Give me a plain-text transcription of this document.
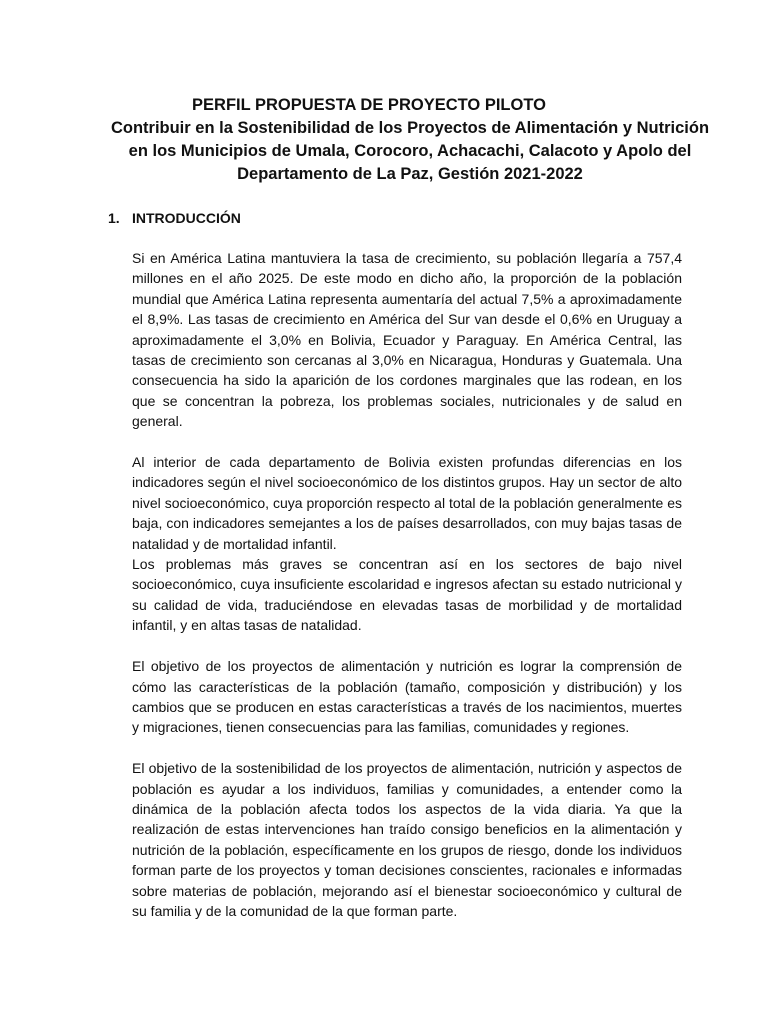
PERFIL PROPUESTA DE PROYECTO PILOTO
Contribuir en la Sostenibilidad de los Proyectos de Alimentación y Nutrición en los Municipios de Umala, Corocoro, Achacachi, Calacoto y Apolo del Departamento de La Paz, Gestión 2021-2022
1. INTRODUCCIÓN

Si en América Latina mantuviera la tasa de crecimiento, su población llegaría a 757,4 millones en el año 2025. De este modo en dicho año, la proporción de la población mundial que América Latina representa aumentaría del actual 7,5% a aproximadamente el 8,9%. Las tasas de crecimiento en América del Sur van desde el 0,6% en Uruguay a aproximadamente el 3,0% en Bolivia, Ecuador y Paraguay. En América Central, las tasas de crecimiento son cercanas al 3,0% en Nicaragua, Honduras y Guatemala. Una consecuencia ha sido la aparición de los cordones marginales que las rodean, en los que se concentran la pobreza, los problemas sociales, nutricionales y de salud en general.

Al interior de cada departamento de Bolivia existen profundas diferencias en los indicadores según el nivel socioeconómico de los distintos grupos. Hay un sector de alto nivel socioeconómico, cuya proporción respecto al total de la población generalmente es baja, con indicadores semejantes a los de países desarrollados, con muy bajas tasas de natalidad y de mortalidad infantil.

Los problemas más graves se concentran así en los sectores de bajo nivel socioeconómico, cuya insuficiente escolaridad e ingresos afectan su estado nutricional y su calidad de vida, traduciéndose en elevadas tasas de morbilidad y de mortalidad infantil, y en altas tasas de natalidad.

El objetivo de los proyectos de alimentación y nutrición es lograr la comprensión de cómo las características de la población (tamaño, composición y distribución) y los cambios que se producen en estas características a través de los nacimientos, muertes y migraciones, tienen consecuencias para las familias, comunidades y regiones.

El objetivo de la sostenibilidad de los proyectos de alimentación, nutrición y aspectos de población es ayudar a los individuos, familias y comunidades, a entender como la dinámica de la población afecta todos los aspectos de la vida diaria. Ya que la realización de estas intervenciones han traído consigo beneficios en la alimentación y nutrición de la población, específicamente en los grupos de riesgo, donde los individuos forman parte de los proyectos y toman decisiones conscientes, racionales e informadas sobre materias de población, mejorando así el bienestar socioeconómico y cultural de su familia y de la comunidad de la que forman parte.
